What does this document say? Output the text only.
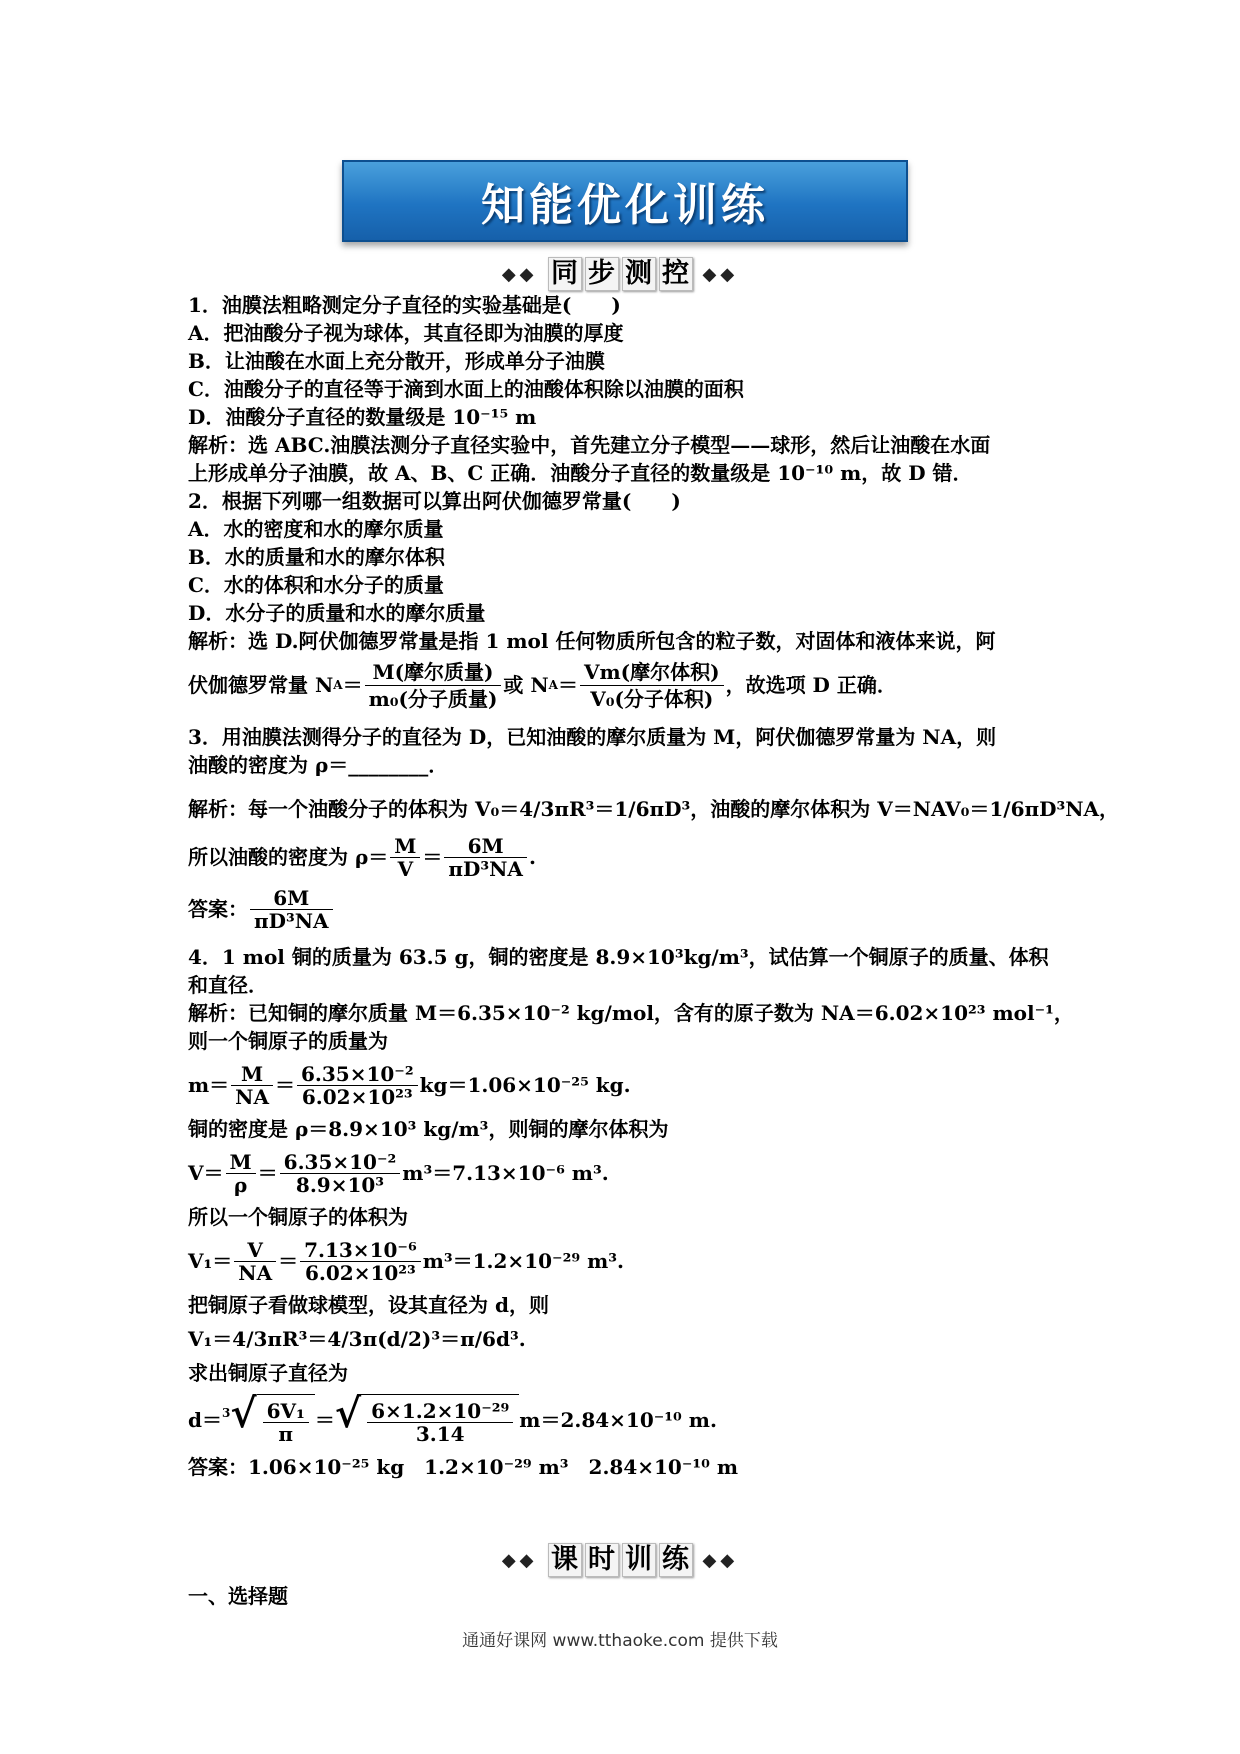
知能优化训练
◆◆ 同 步 测 控 ◆◆
1．油膜法粗略测定分子直径的实验基础是(　　)
A．把油酸分子视为球体，其直径即为油膜的厚度
B．让油酸在水面上充分散开，形成单分子油膜
C．油酸分子的直径等于滴到水面上的油酸体积除以油膜的面积
D．油酸分子直径的数量级是 10⁻¹⁵ m
解析：选 ABC.油膜法测分子直径实验中，首先建立分子模型——球形，然后让油酸在水面
上形成单分子油膜，故 A、B、C 正确．油酸分子直径的数量级是 10⁻¹⁰ m，故 D 错．
2．根据下列哪一组数据可以算出阿伏伽德罗常量(　　)
A．水的密度和水的摩尔质量
B．水的质量和水的摩尔体积
C．水的体积和水分子的质量
D．水分子的质量和水的摩尔质量
解析：选 D.阿伏伽德罗常量是指 1 mol 任何物质所包含的粒子数，对固体和液体来说，阿
伏伽德罗常量 N A ＝
M(摩尔质量)
m₀(分子质量)
或 N A ＝
Vm(摩尔体积)
V₀(分子体积)
，故选项 D 正确．
3．用油膜法测得分子的直径为 D，已知油酸的摩尔质量为 M，阿伏伽德罗常量为 NA，则
油酸的密度为 ρ＝________．
解析：每一个油酸分子的体积为 V₀＝4/3πR³＝1/6πD³，油酸的摩尔体积为 V＝NAV₀＝1/6πD³NA，
所以油酸的密度为 ρ＝ M
V ＝	6M
πD³NA .
答案：	6M
πD³NA
4．1 mol 铜的质量为 63.5 g，铜的密度是 8.9×10³kg/m³，试估算一个铜原子的质量、体积
和直径．
解析：已知铜的摩尔质量 M＝6.35×10⁻² kg/mol，含有的原子数为 NA＝6.02×10²³ mol⁻¹，
则一个铜原子的质量为
m＝ M
NA ＝ 6.35×10⁻²
6.02×10²³ kg＝1.06×10⁻²⁵ kg.
铜的密度是 ρ＝8.9×10³ kg/m³，则铜的摩尔体积为
V＝ M
ρ ＝ 6.35×10⁻²
8.9×10³ m³＝7.13×10⁻⁶ m³.
所以一个铜原子的体积为
V₁＝ V
NA ＝ 7.13×10⁻⁶
6.02×10²³ m³＝1.2×10⁻²⁹ m³.
把铜原子看做球模型，设其直径为 d，则
V₁＝4/3πR³＝4/3π(d/2)³＝π/6d³.
求出铜原子直径为
d＝$^3$ √ $\frac{\text{6V₁}}{\pi}$ ＝ √ $\frac{\text{6×1.2×10⁻²⁹}}{3.14} m=2.84\times 10^{-10}$ m.
答案：1.06×10⁻²⁵ kg　1.2×10⁻²⁹ m³　2.84×10⁻¹⁰ m
◆◆ 课 时 训 练 ◆◆
一、选择题
通通好课网 www.tthaoke.com 提供下载
